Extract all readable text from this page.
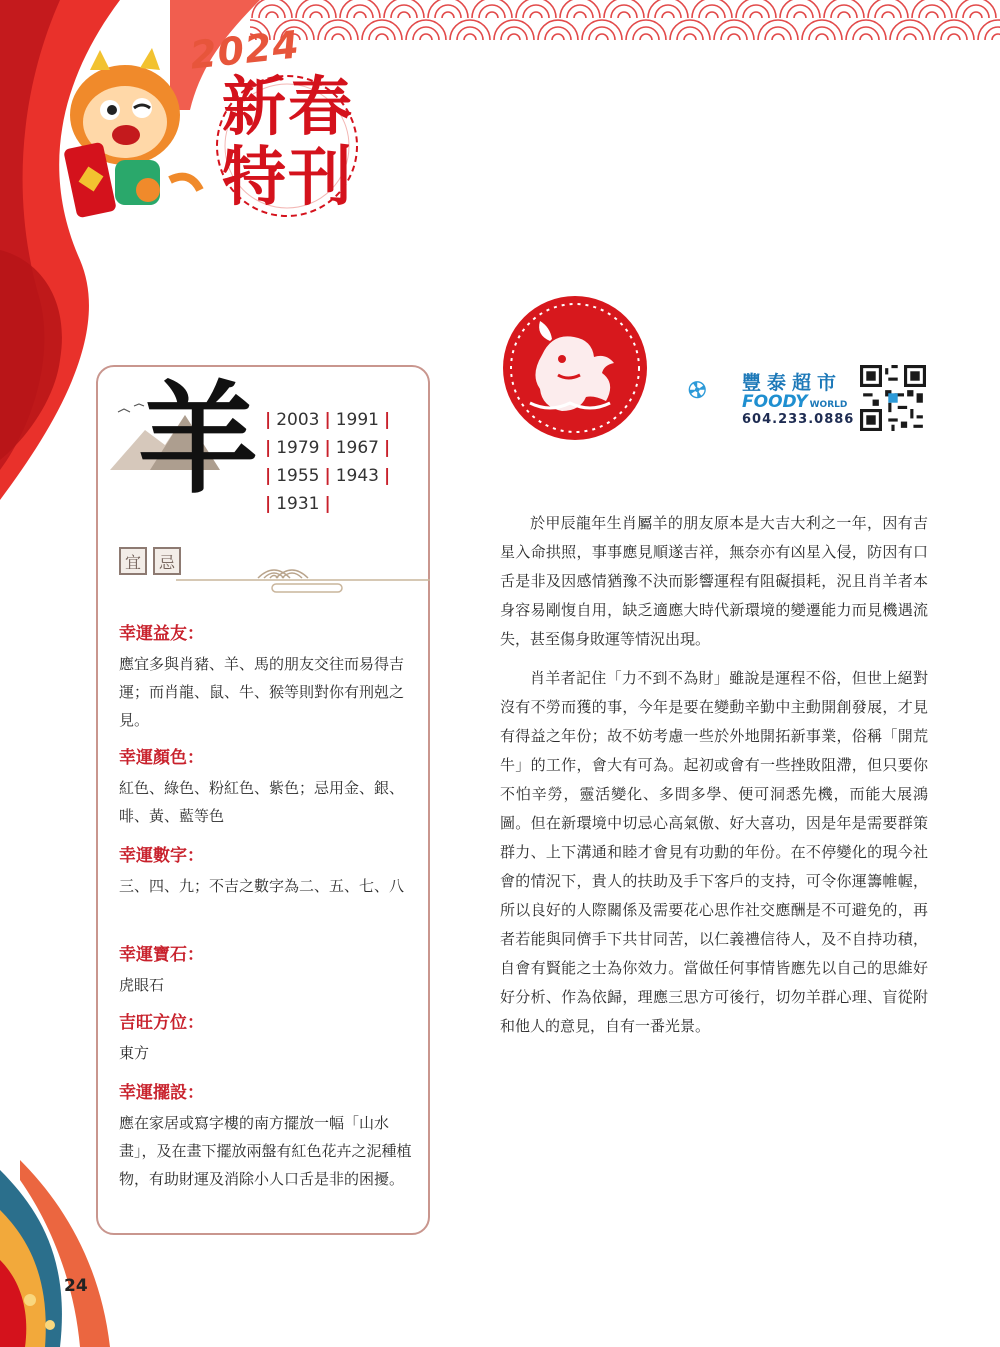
2024
新春
特刊
羊 | 2003 | 1991 |
| 1979 | 1967 |
| 1955 | 1943 |
| 1931 |
宜	忌
幸運益友：
應宜多與肖豬、羊、馬的朋友交往而易得吉運；而肖龍、鼠、牛、猴等則對你有刑剋之見。
幸運顏色：
紅色、綠色、粉紅色、紫色；忌用金、銀、啡、黃、藍等色
幸運數字：
三、四、九；不吉之數字為二、五、七、八
幸運寶石：
虎眼石
吉旺方位：
東方
幸運擺設：
應在家居或寫字樓的南方擺放一幅「山水畫」，及在畫下擺放兩盤有紅色花卉之泥種植物，有助財運及消除小人口舌是非的困擾。
豐泰超市
FOODY WORLD
604.233.0886

於甲辰龍年生肖屬羊的朋友原本是大吉大利之一年，因有吉星入命拱照，事事應見順遂吉祥，無奈亦有凶星入侵，防因有口舌是非及因感情猶豫不決而影響運程有阻礙損耗，況且肖羊者本身容易剛愎自用，缺乏適應大時代新環境的變遷能力而見機遇流失，甚至傷身敗運等情況出現。

肖羊者記住「力不到不為財」雖說是運程不俗，但世上絕對沒有不勞而獲的事，今年是要在變動辛勤中主動開創發展，才見有得益之年份；故不妨考慮一些於外地開拓新事業，俗稱「開荒牛」的工作，會大有可為。起初或會有一些挫敗阻滯，但只要你不怕辛勞，靈活變化、多問多學、便可洞悉先機，而能大展鴻圖。但在新環境中切忌心高氣傲、好大喜功，因是年是需要群策群力、上下溝通和睦才會見有功勳的年份。在不停變化的現今社會的情況下，貴人的扶助及手下客戶的支持，可令你運籌帷幄，所以良好的人際關係及需要花心思作社交應酬是不可避免的，再者若能與同儕手下共甘同苦，以仁義禮信待人，及不自持功積，自會有賢能之士為你效力。當做任何事情皆應先以自己的思維好好分析、作為依歸，理應三思方可後行，切勿羊群心理、盲從附和他人的意見，自有一番光景。

24
